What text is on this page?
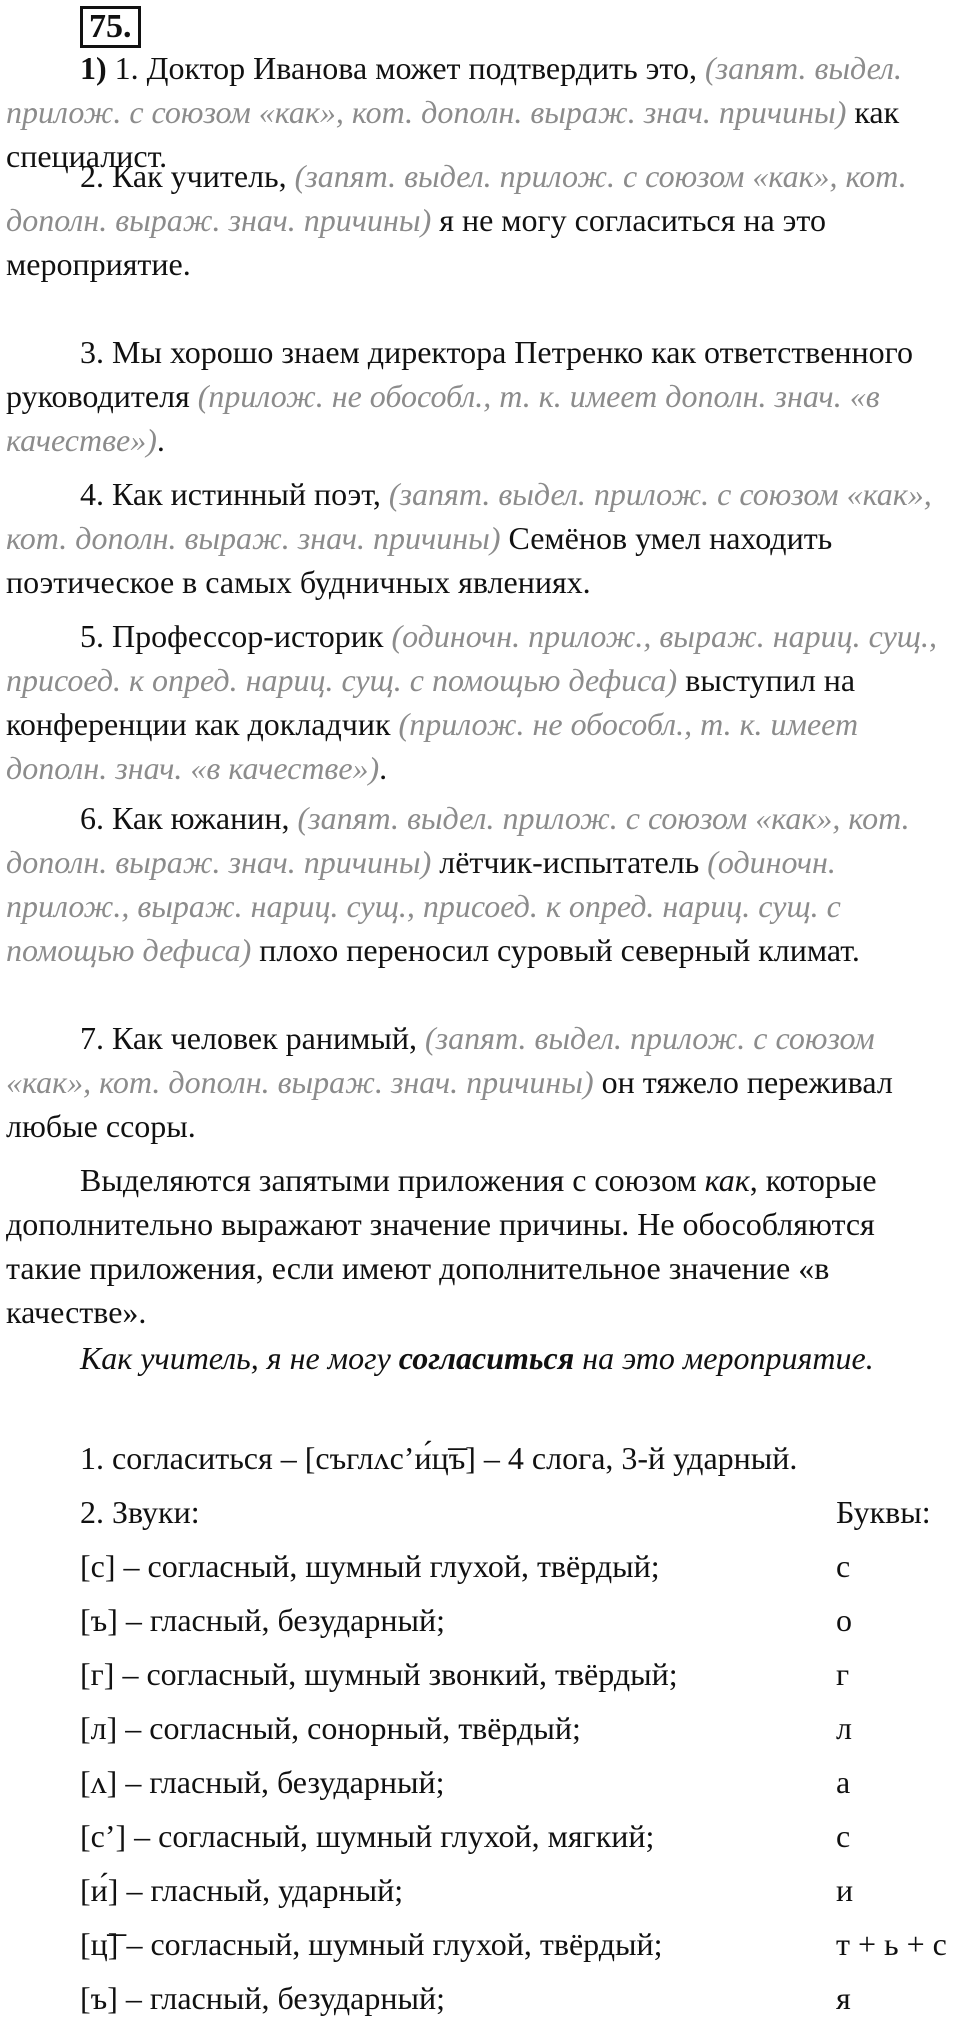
75.
1) 1. Доктор Иванова может подтвердить это, (запят. выдел. прилож. с союзом «как», кот. дополн. выраж. знач. причины) как специалист.
2. Как учитель, (запят. выдел. прилож. с союзом «как», кот. дополн. выраж. знач. причины) я не могу согласиться на это мероприятие.
3. Мы хорошо знаем директора Петренко как ответственного руководителя (прилож. не обособл., т. к. имеет дополн. знач. «в качестве»).
4. Как истинный поэт, (запят. выдел. прилож. с союзом «как», кот. дополн. выраж. знач. причины) Семёнов умел находить поэтическое в самых будничных явлениях.
5. Профессор-историк (одиночн. прилож., выраж. нариц. сущ., присоед. к опред. нариц. сущ. с помощью дефиса) выступил на конференции как докладчик (прилож. не обособл., т. к. имеет дополн. знач. «в качестве»).
6. Как южанин, (запят. выдел. прилож. с союзом «как», кот. дополн. выраж. знач. причины) лётчик-испытатель (одиночн. прилож., выраж. нариц. сущ., присоед. к опред. нариц. сущ. с помощью дефиса) плохо переносил суровый северный климат.
7. Как человек ранимый, (запят. выдел. прилож. с союзом «как», кот. дополн. выраж. знач. причины) он тяжело переживал любые ссоры.
Выделяются запятыми приложения с союзом как, которые дополнительно выражают значение причины. Не обособляются такие приложения, если имеют дополнительное значение «в качестве».
Как учитель, я не могу согласиться на это мероприятие.
1. согласиться – [съглʌс’и́ц͞ъ] – 4 слога, 3-й ударный.
2. Звуки:	Буквы:
[с] – согласный, шумный глухой, твёрдый;	с
[ъ] – гласный, безударный;	о
[г] – согласный, шумный звонкий, твёрдый;	г
[л] – согласный, сонорный, твёрдый;	л
[ʌ] – гласный, безударный;	а
[с’] – согласный, шумный глухой, мягкий;	с
[и́] – гласный, ударный;	и
[ц͞] – согласный, шумный глухой, твёрдый;	т + ь + с
[ъ] – гласный, безударный;	я
